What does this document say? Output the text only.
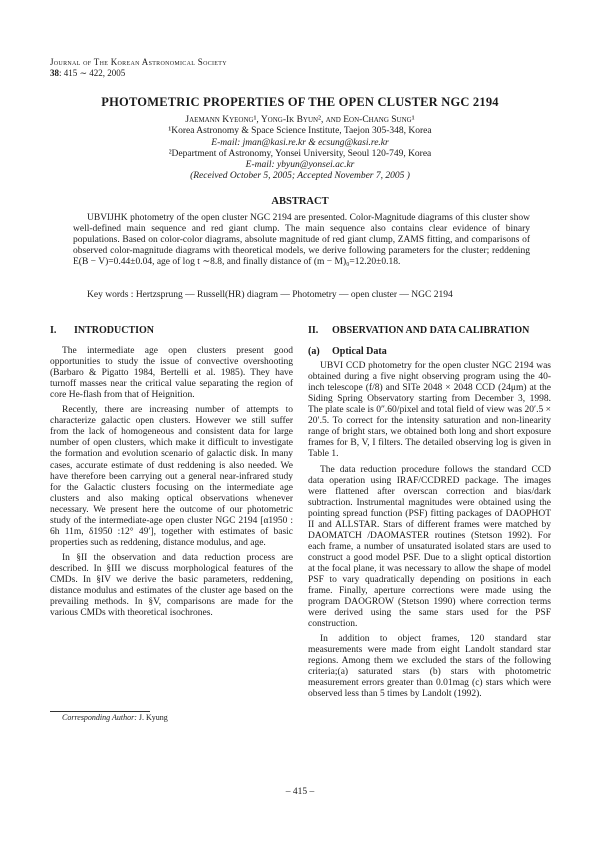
Journal of The Korean Astronomical Society
38: 415 ∼ 422, 2005
PHOTOMETRIC PROPERTIES OF THE OPEN CLUSTER NGC 2194
Jaemann Kyeong¹, Yong-Ik Byun², and Eon-Chang Sung¹
¹Korea Astronomy & Space Science Institute, Taejon 305-348, Korea
E-mail: jman@kasi.re.kr & ecsung@kasi.re.kr
²Department of Astronomy, Yonsei University, Seoul 120-749, Korea
E-mail: ybyun@yonsei.ac.kr
(Received October 5, 2005; Accepted November 7, 2005 )
ABSTRACT
UBVIJHK photometry of the open cluster NGC 2194 are presented. Color-Magnitude diagrams of this cluster show well-defined main sequence and red giant clump. The main sequence also contains clear evidence of binary populations. Based on color-color diagrams, absolute magnitude of red giant clump, ZAMS fitting, and comparisons of observed color-magnitude diagrams with theoretical models, we derive following parameters for the cluster; reddening E(B − V)=0.44±0.04, age of log t ∼8.8, and finally distance of (m − M)₀=12.20±0.18.
Key words : Hertzsprung — Russell(HR) diagram — Photometry — open cluster — NGC 2194
I.	INTRODUCTION

The intermediate age open clusters present good opportunities to study the issue of convective overshooting (Barbaro & Pigatto 1984, Bertelli et al. 1985). They have turnoff masses near the critical value separating the region of core He-flash from that of Heignition.

Recently, there are increasing number of attempts to characterize galactic open clusters. However we still suffer from the lack of homogeneous and consistent data for large number of open clusters, which make it difficult to investigate the formation and evolution scenario of galactic disk. In many cases, accurate estimate of dust reddening is also needed. We have therefore been carrying out a general near-infrared study for the Galactic clusters focusing on the intermediate age clusters and also making optical observations whenever necessary. We present here the outcome of our photometric study of the intermediate-age open cluster NGC 2194 [α1950 : 6h 11m, δ1950 :12° 49′], together with estimates of basic properties such as reddening, distance modulus, and age.

In §II the observation and data reduction process are described. In §III we discuss morphological features of the CMDs. In §IV we derive the basic parameters, reddening, distance modulus and estimates of the cluster age based on the prevailing methods. In §V, comparisons are made for the various CMDs with theoretical isochrones.

II.	OBSERVATION AND DATA CALIBRATION
(a)	Optical Data

UBVI CCD photometry for the open cluster NGC 2194 was obtained during a five night observing program using the 40-inch telescope (f/8) and SITe 2048 × 2048 CCD (24μm) at the Siding Spring Observatory starting from December 3, 1998. The plate scale is 0″.60/pixel and total field of view was 20′.5 × 20′.5. To correct for the intensity saturation and non-linearity range of bright stars, we obtained both long and short exposure frames for B, V, I filters. The detailed observing log is given in Table 1.

The data reduction procedure follows the standard CCD data operation using IRAF/CCDRED package. The images were flattened after overscan correction and bias/dark subtraction. Instrumental magnitudes were obtained using the pointing spread function (PSF) fitting packages of DAOPHOT II and ALLSTAR. Stars of different frames were matched by DAOMATCH /DAOMASTER routines (Stetson 1992). For each frame, a number of unsaturated isolated stars are used to construct a good model PSF. Due to a slight optical distortion at the focal plane, it was necessary to allow the shape of model PSF to vary quadratically depending on positions in each frame. Finally, aperture corrections were made using the program DAOGROW (Stetson 1990) where correction terms were derived using the same stars used for the PSF construction.

In addition to object frames, 120 standard star measurements were made from eight Landolt standard star regions. Among them we excluded the stars of the following criteria;(a) saturated stars (b) stars with photometric measurement errors greater than 0.01mag (c) stars which were observed less than 5 times by Landolt (1992).

Corresponding Author: J. Kyung
– 415 –
